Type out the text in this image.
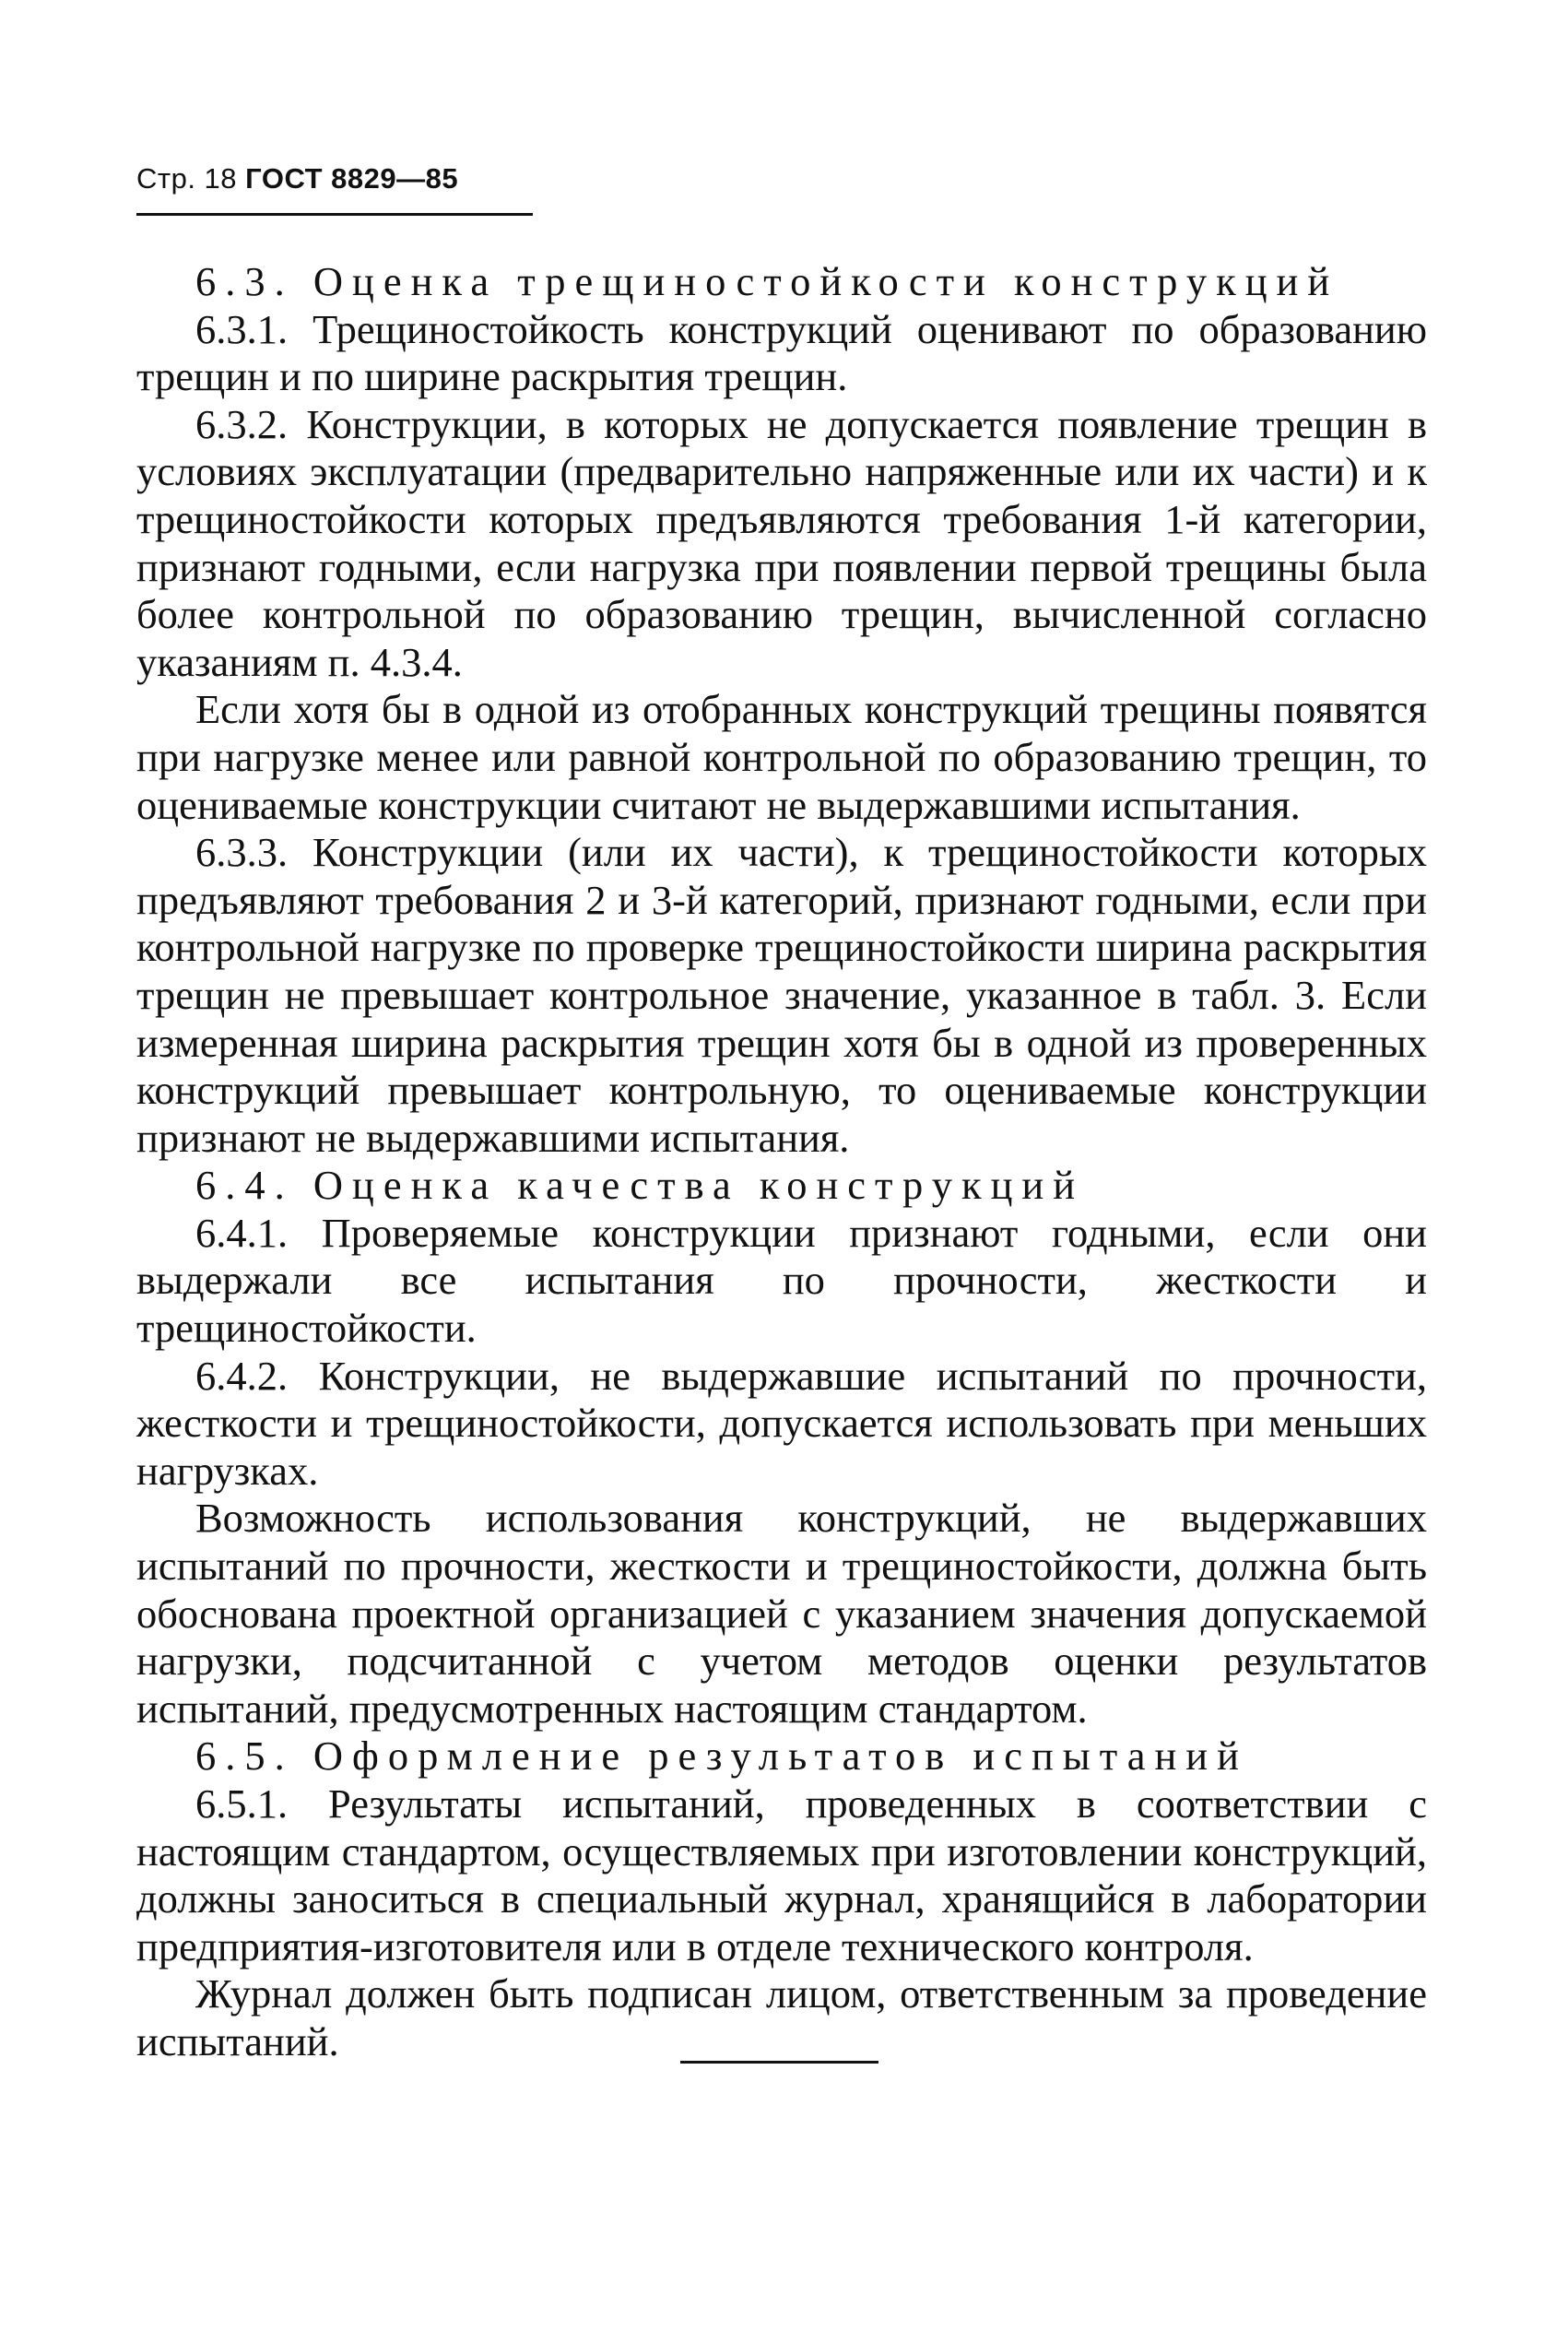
Стр. 18 ГОСТ 8829—85

6.3. Оценка трещиностойкости конструкций

6.3.1. Трещиностойкость конструкций оценивают по образованию трещин и по ширине раскрытия трещин.

6.3.2. Конструкции, в которых не допускается появление трещин в условиях эксплуатации (предварительно напряженные или их части) и к трещиностойкости которых предъявляются требования 1-й категории, признают годными, если нагрузка при появлении первой трещины была более контрольной по образованию трещин, вычисленной согласно указаниям п. 4.3.4.

Если хотя бы в одной из отобранных конструкций трещины появятся при нагрузке менее или равной контрольной по образованию трещин, то оцениваемые конструкции считают не выдержавшими испытания.

6.3.3. Конструкции (или их части), к трещиностойкости которых предъявляют требования 2 и 3-й категорий, признают годными, если при контрольной нагрузке по проверке трещиностойкости ширина раскрытия трещин не превышает контрольное значение, указанное в табл. 3. Если измеренная ширина раскрытия трещин хотя бы в одной из проверенных конструкций превышает контрольную, то оцениваемые конструкции признают не выдержавшими испытания.

6.4. Оценка качества конструкций

6.4.1. Проверяемые конструкции признают годными, если они выдержали все испытания по прочности, жесткости и трещиностойкости.

6.4.2. Конструкции, не выдержавшие испытаний по прочности, жесткости и трещиностойкости, допускается использовать при меньших нагрузках.

Возможность использования конструкций, не выдержавших испытаний по прочности, жесткости и трещиностойкости, должна быть обоснована проектной организацией с указанием значения допускаемой нагрузки, подсчитанной с учетом методов оценки результатов испытаний, предусмотренных настоящим стандартом.

6.5. Оформление результатов испытаний

6.5.1. Результаты испытаний, проведенных в соответствии с настоящим стандартом, осуществляемых при изготовлении конструкций, должны заноситься в специальный журнал, хранящийся в лаборатории предприятия-изготовителя или в отделе технического контроля.

Журнал должен быть подписан лицом, ответственным за проведение испытаний.
